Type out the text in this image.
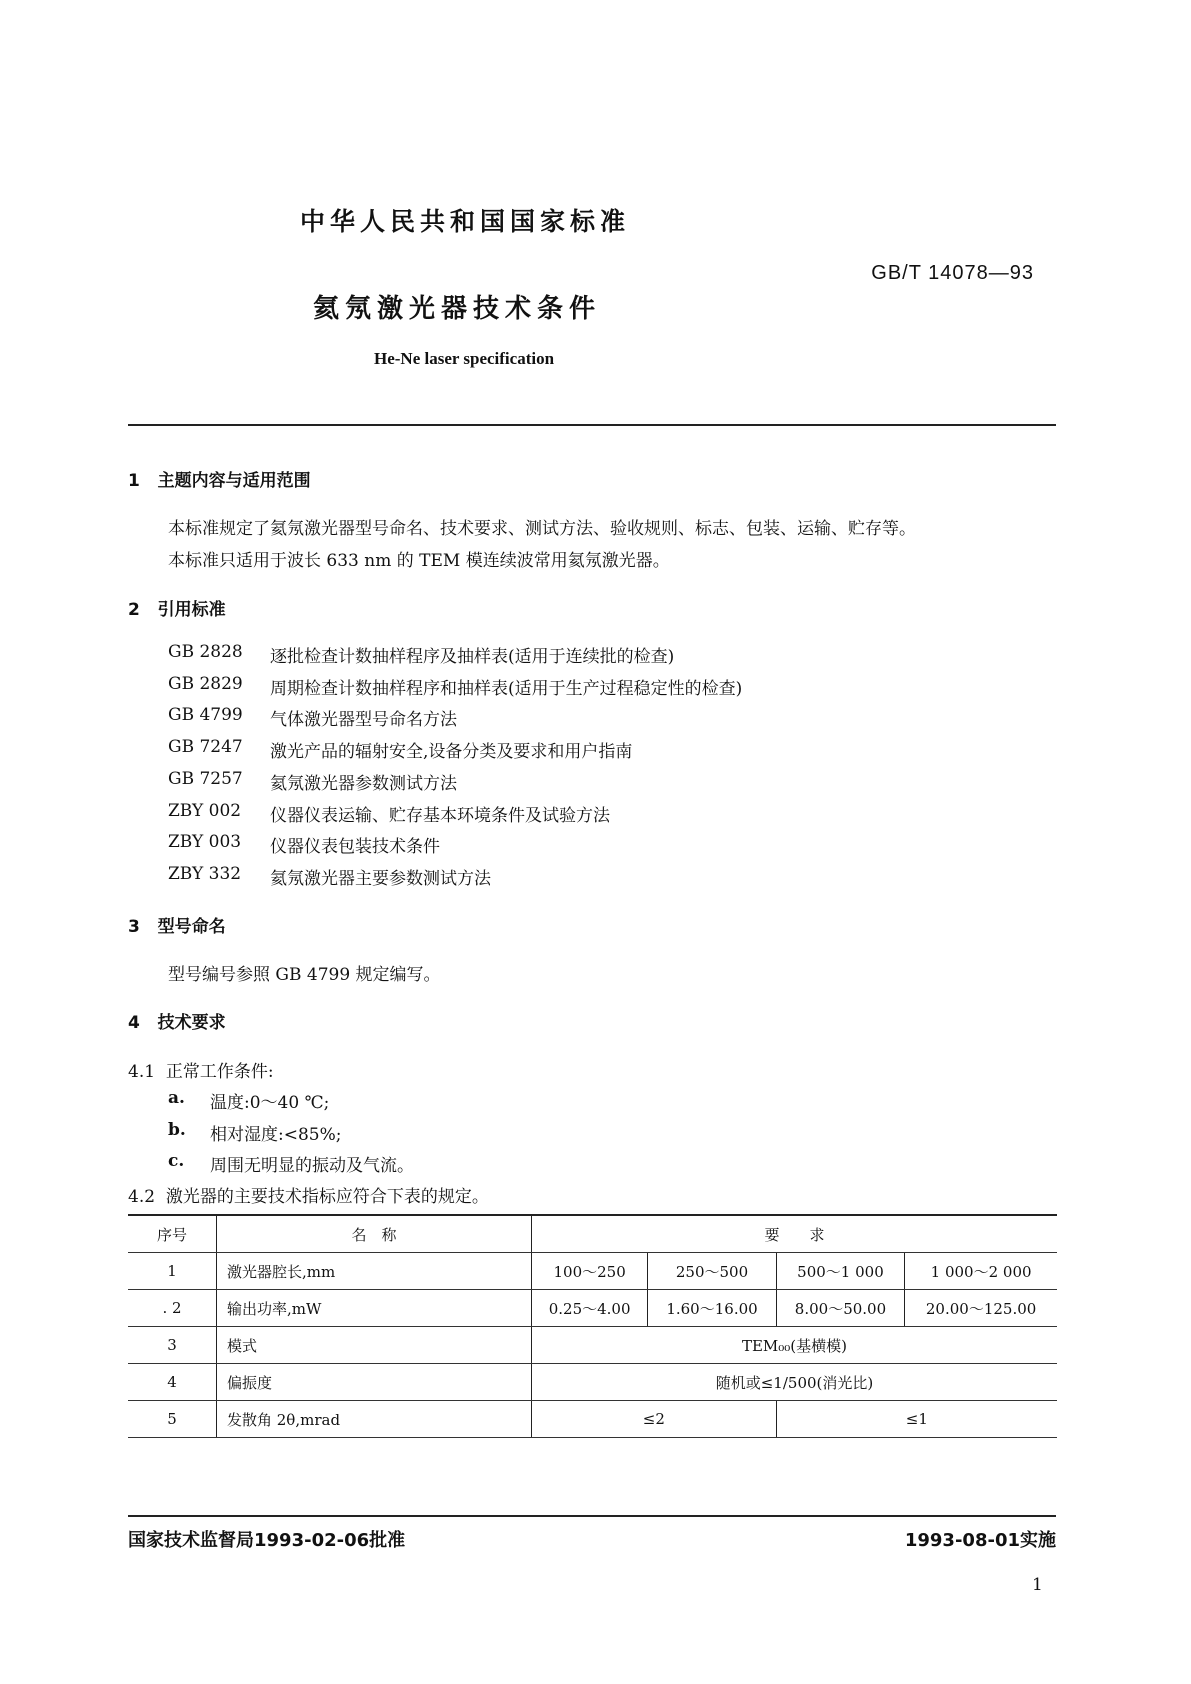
中华人民共和国国家标准
GB/T 14078—93
氦氖激光器技术条件
He-Ne laser specification
1 主题内容与适用范围
本标准规定了氦氖激光器型号命名、技术要求、测试方法、验收规则、标志、包装、运输、贮存等。
本标准只适用于波长 633 nm 的 TEM 模连续波常用氦氖激光器。
2 引用标准
GB 2828 逐批检查计数抽样程序及抽样表(适用于连续批的检查)
GB 2829 周期检查计数抽样程序和抽样表(适用于生产过程稳定性的检查)
GB 4799 气体激光器型号命名方法
GB 7247 激光产品的辐射安全,设备分类及要求和用户指南
GB 7257 氦氖激光器参数测试方法
ZBY 002 仪器仪表运输、贮存基本环境条件及试验方法
ZBY 003 仪器仪表包装技术条件
ZBY 332 氦氖激光器主要参数测试方法
3 型号命名
型号编号参照 GB 4799 规定编写。
4 技术要求
4.1 正常工作条件:
a. 温度:0～40 ℃;
b. 相对湿度:<85%;
c. 周围无明显的振动及气流。
4.2 激光器的主要技术指标应符合下表的规定。
序号	名　称	要　　求			
1	激光器腔长,mm	100～250	250～500	500～1 000	1 000～2 000
. 2	输出功率,mW	0.25～4.00	1.60～16.00	8.00～50.00	20.00～125.00
3	模式	TEM₀₀(基横模)			
4	偏振度	随机或≤1/500(消光比)			
5	发散角 2θ,mrad	≤2		≤1	
国家技术监督局1993-02-06批准	1993-08-01实施
1
